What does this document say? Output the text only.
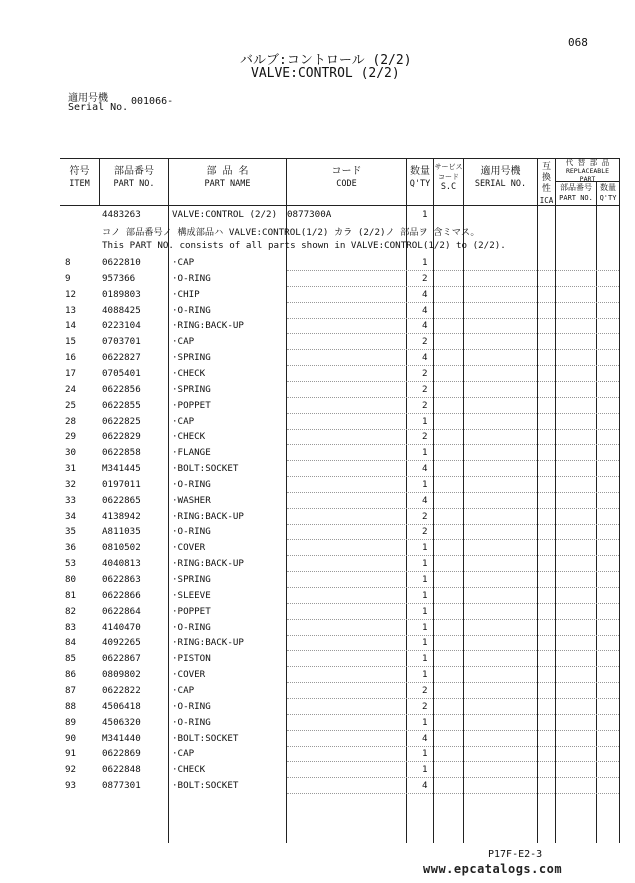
068
バルブ:コントロール (2/2)
VALVE:CONTROL (2/2)
適用号機
Serial No.
001066-
符号
ITEM
部品番号
PART NO.
部 品 名
PART NAME
コード
CODE
数量
Q'TY
サービス
コード
S.C
適用号機
SERIAL NO.
互換性
ICA
代 替 部 品
REPLACEABLE
PART
部品番号
PART NO.
数量
Q'TY
4483263	VALVE:CONTROL (2/2) 0877300A	1
コノ 部品番号ノ 構成部品ハ VALVE:CONTROL(1/2) カラ (2/2)ノ 部品ヲ 含ミマス。
This PART NO. consists of all parts shown in VALVE:CONTROL(1/2) to (2/2).
8	0622810	·CAP	1
9	957366	·O-RING	2
12	0189803	·CHIP	4
13	4088425	·O-RING	4
14	0223104	·RING:BACK-UP	4
15	0703701	·CAP	2
16	0622827	·SPRING	4
17	0705401	·CHECK	2
24	0622856	·SPRING	2
25	0622855	·POPPET	2
28	0622825	·CAP	1
29	0622829	·CHECK	2
30	0622858	·FLANGE	1
31	M341445	·BOLT:SOCKET	4
32	0197011	·O-RING	1
33	0622865	·WASHER	4
34	4138942	·RING:BACK-UP	2
35	A811035	·O-RING	2
36	0810502	·COVER	1
53	4040813	·RING:BACK-UP	1
80	0622863	·SPRING	1
81	0622866	·SLEEVE	1
82	0622864	·POPPET	1
83	4140470	·O-RING	1
84	4092265	·RING:BACK-UP	1
85	0622867	·PISTON	1
86	0809802	·COVER	1
87	0622822	·CAP	2
88	4506418	·O-RING	2
89	4506320	·O-RING	1
90	M341440	·BOLT:SOCKET	4
91	0622869	·CAP	1
92	0622848	·CHECK	1
93	0877301	·BOLT:SOCKET	4
P17F-E2-3
www.epcatalogs.com
